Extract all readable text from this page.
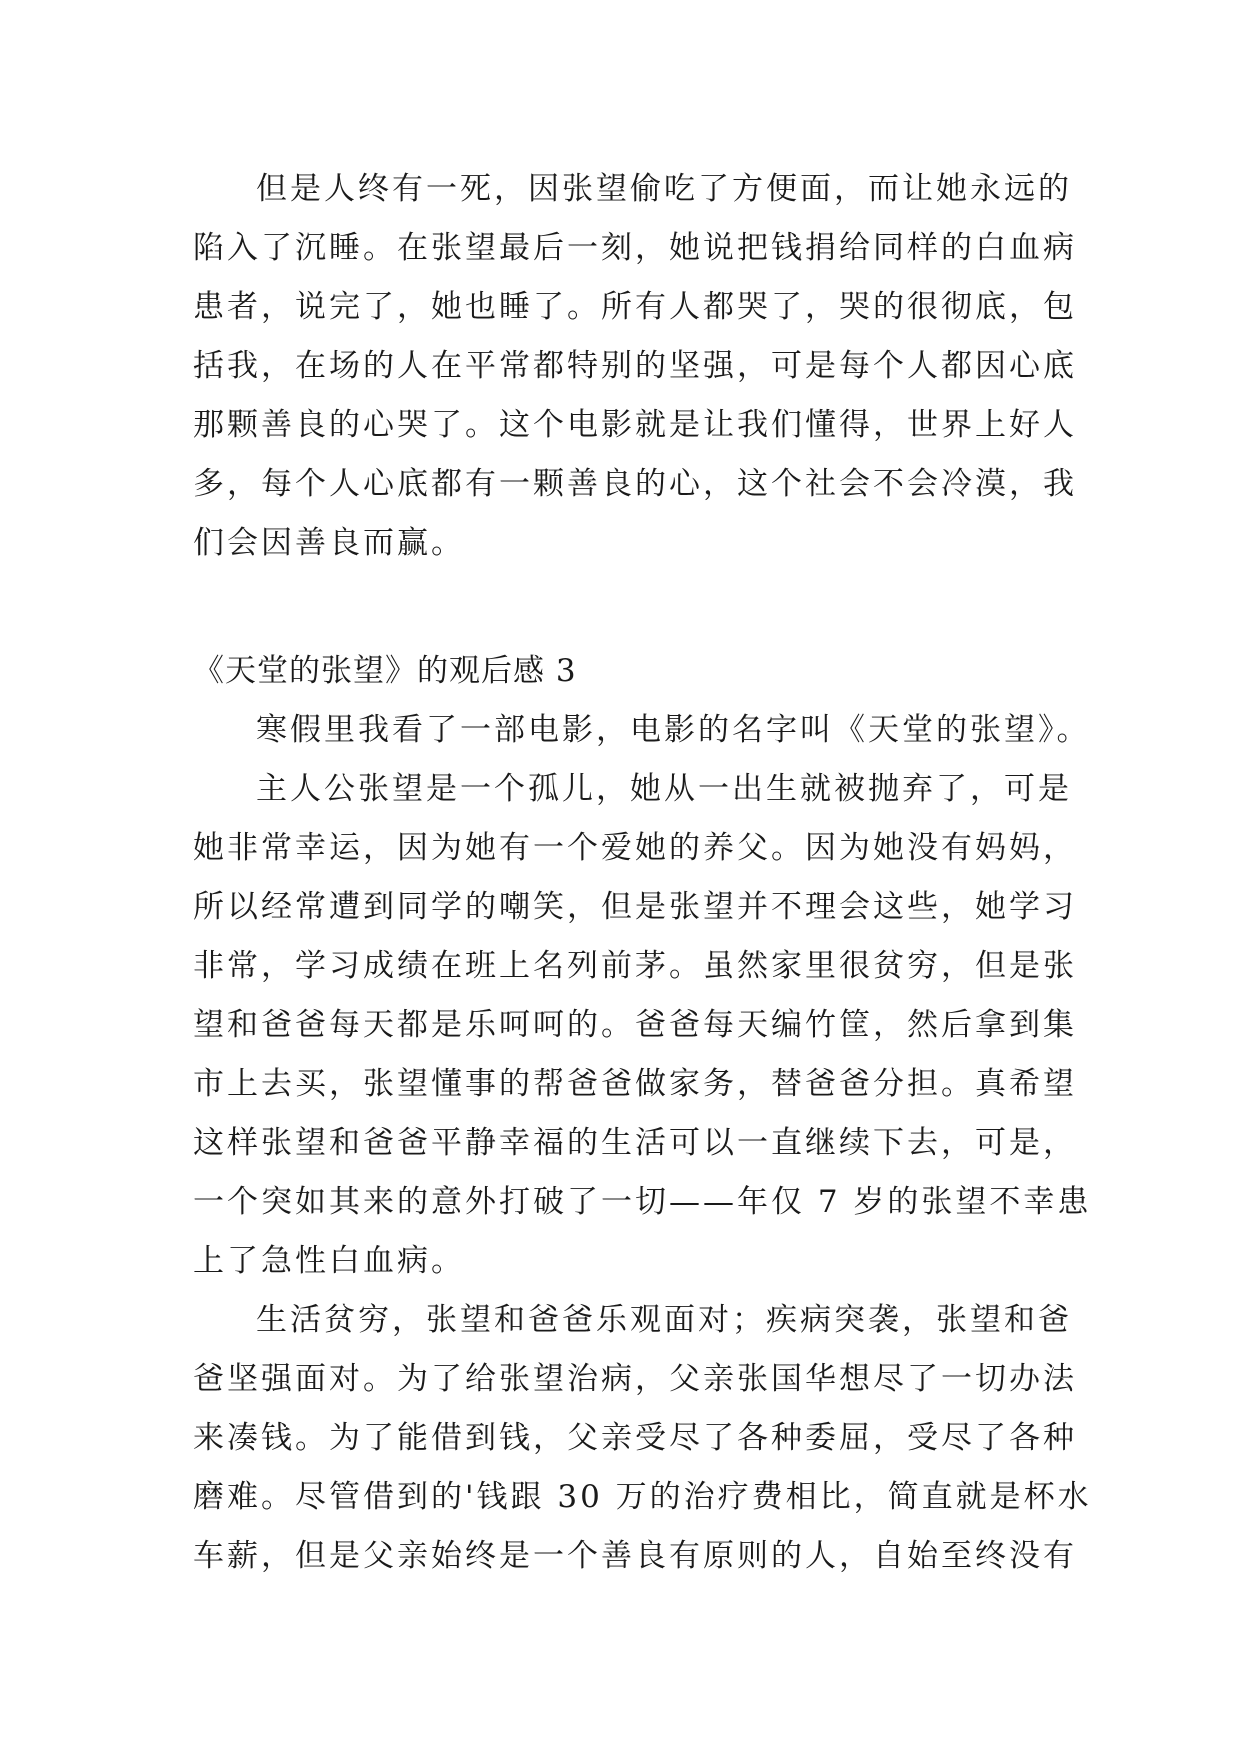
但是人终有一死，因张望偷吃了方便面，而让她永远的
陷入了沉睡。在张望最后一刻，她说把钱捐给同样的白血病
患者，说完了，她也睡了。所有人都哭了，哭的很彻底，包
括我，在场的人在平常都特别的坚强，可是每个人都因心底
那颗善良的心哭了。这个电影就是让我们懂得，世界上好人
多，每个人心底都有一颗善良的心，这个社会不会冷漠，我
们会因善良而赢。
《天堂的张望》的观后感 3
寒假里我看了一部电影，电影的名字叫《天堂的张望》。
主人公张望是一个孤儿，她从一出生就被抛弃了，可是
她非常幸运，因为她有一个爱她的养父。因为她没有妈妈，
所以经常遭到同学的嘲笑，但是张望并不理会这些，她学习
非常，学习成绩在班上名列前茅。虽然家里很贫穷，但是张
望和爸爸每天都是乐呵呵的。爸爸每天编竹筐，然后拿到集
市上去买，张望懂事的帮爸爸做家务，替爸爸分担。真希望
这样张望和爸爸平静幸福的生活可以一直继续下去，可是，
一个突如其来的意外打破了一切——年仅 7 岁的张望不幸患
上了急性白血病。
生活贫穷，张望和爸爸乐观面对；疾病突袭，张望和爸
爸坚强面对。为了给张望治病，父亲张国华想尽了一切办法
来凑钱。为了能借到钱，父亲受尽了各种委屈，受尽了各种
磨难。尽管借到的'钱跟 30 万的治疗费相比，简直就是杯水
车薪，但是父亲始终是一个善良有原则的人，自始至终没有
